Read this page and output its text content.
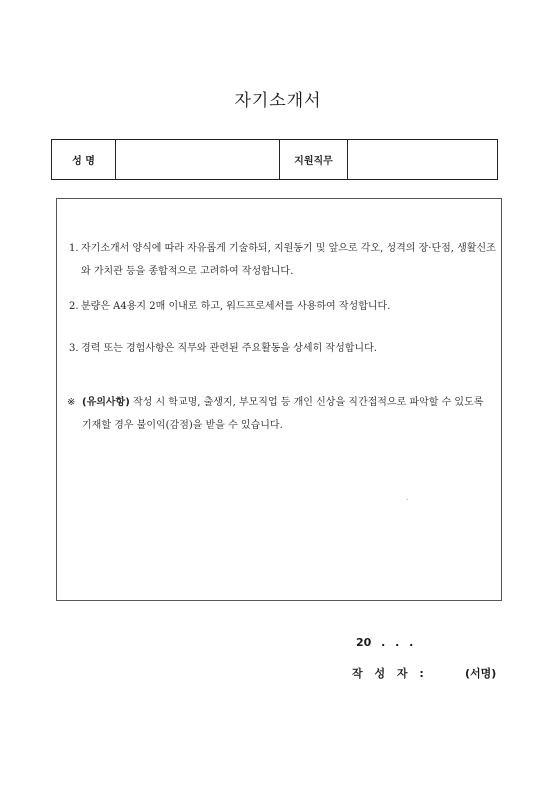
자기소개서
성 명		지원직무	
1. 자기소개서 양식에 따라 자유롭게 기술하되, 지원동기 및 앞으로 각오, 성격의 장·단점, 생활신조와 가치관 등을 종합적으로 고려하여 작성합니다.
2. 분량은 A4용지 2매 이내로 하고, 워드프로세서를 사용하여 작성합니다.
3. 경력 또는 경험사항은 직무와 관련된 주요활동을 상세히 작성합니다.
※ (유의사항) 작성 시 학교명, 출생지, 부모직업 등 개인 신상을 직간접적으로 파악할 수 있도록 기재할 경우 불이익(감점)을 받을 수 있습니다.
20 . . .
작 성 자 :	(서명)
